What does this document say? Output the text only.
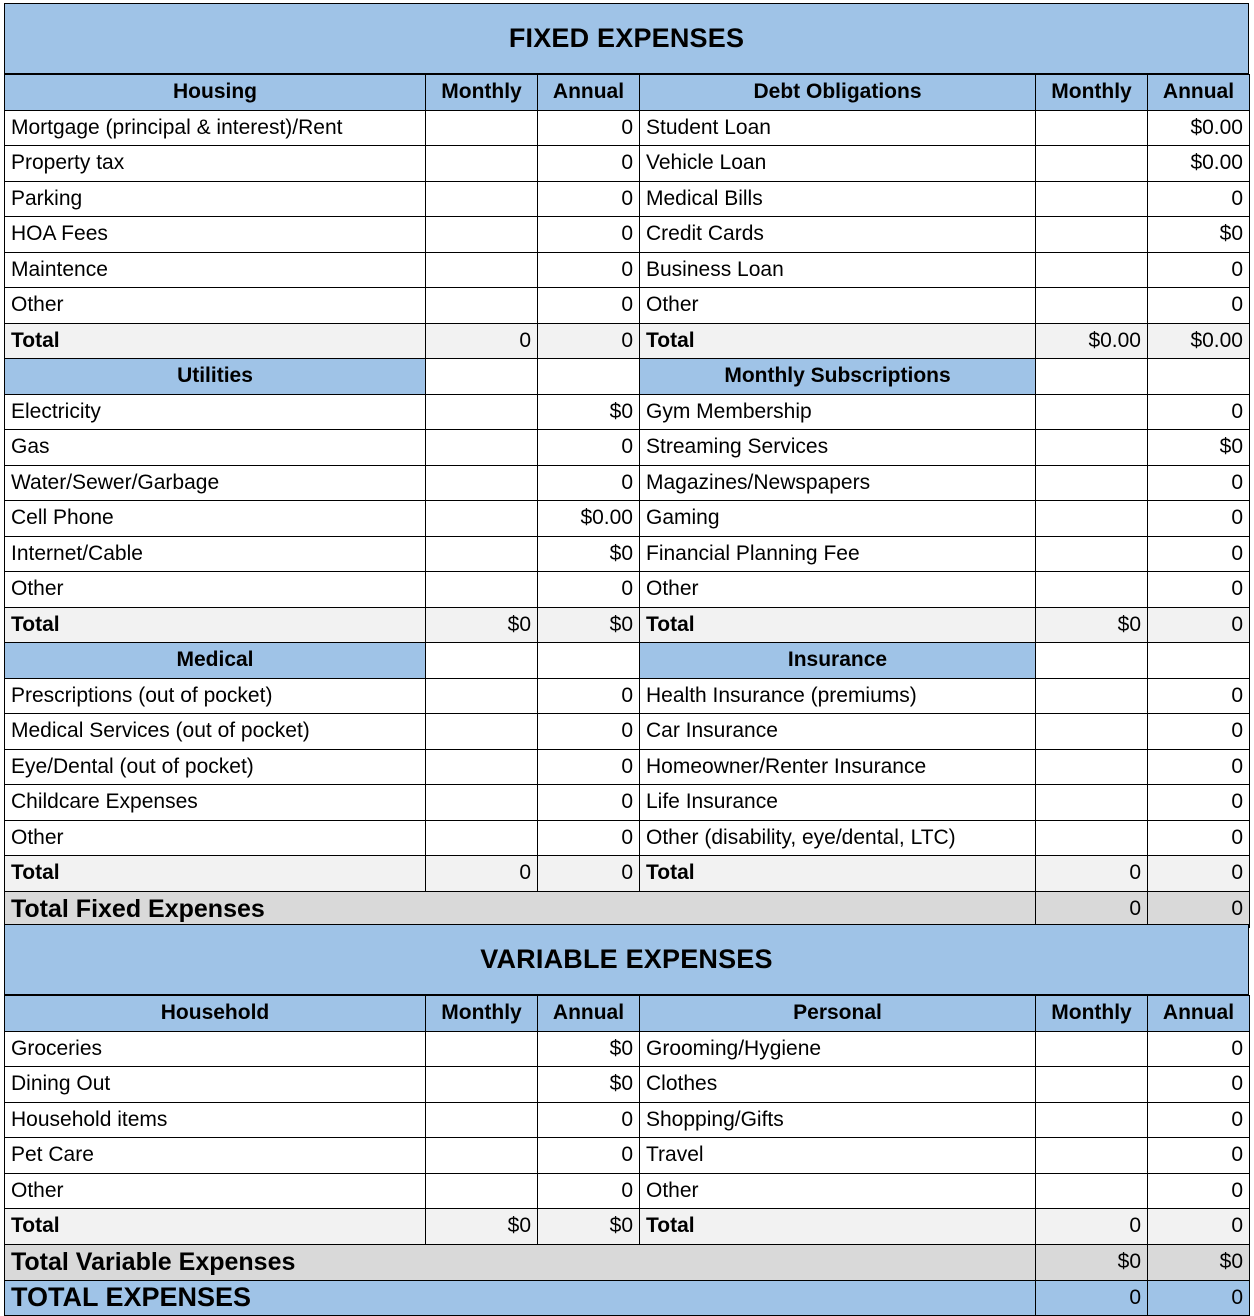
FIXED EXPENSES
Housing	Monthly	Annual	Debt Obligations	Monthly	Annual
Mortgage (principal & interest)/Rent		0	Student Loan		$0.00
Property tax		0	Vehicle Loan		$0.00
Parking		0	Medical Bills		0
HOA Fees		0	Credit Cards		$0
Maintence		0	Business Loan		0
Other		0	Other		0
Total	0	0	Total	$0.00	$0.00
Utilities			Monthly Subscriptions		
Electricity		$0	Gym Membership		0
Gas		0	Streaming Services		$0
Water/Sewer/Garbage		0	Magazines/Newspapers		0
Cell Phone		$0.00	Gaming		0
Internet/Cable		$0	Financial Planning Fee		0
Other		0	Other		0
Total	$0	$0	Total	$0	0
Medical			Insurance		
Prescriptions (out of pocket)		0	Health Insurance (premiums)		0
Medical Services (out of pocket)		0	Car Insurance		0
Eye/Dental (out of pocket)		0	Homeowner/Renter Insurance		0
Childcare Expenses		0	Life Insurance		0
Other		0	Other (disability, eye/dental, LTC)		0
Total	0	0	Total	0	0
Total Fixed Expenses				0	0
VARIABLE EXPENSES
Household	Monthly	Annual	Personal	Monthly	Annual
Groceries		$0	Grooming/Hygiene		0
Dining Out		$0	Clothes		0
Household items		0	Shopping/Gifts		0
Pet Care		0	Travel		0
Other		0	Other		0
Total	$0	$0	Total	0	0
Total Variable Expenses				$0	$0
TOTAL EXPENSES				0	0
